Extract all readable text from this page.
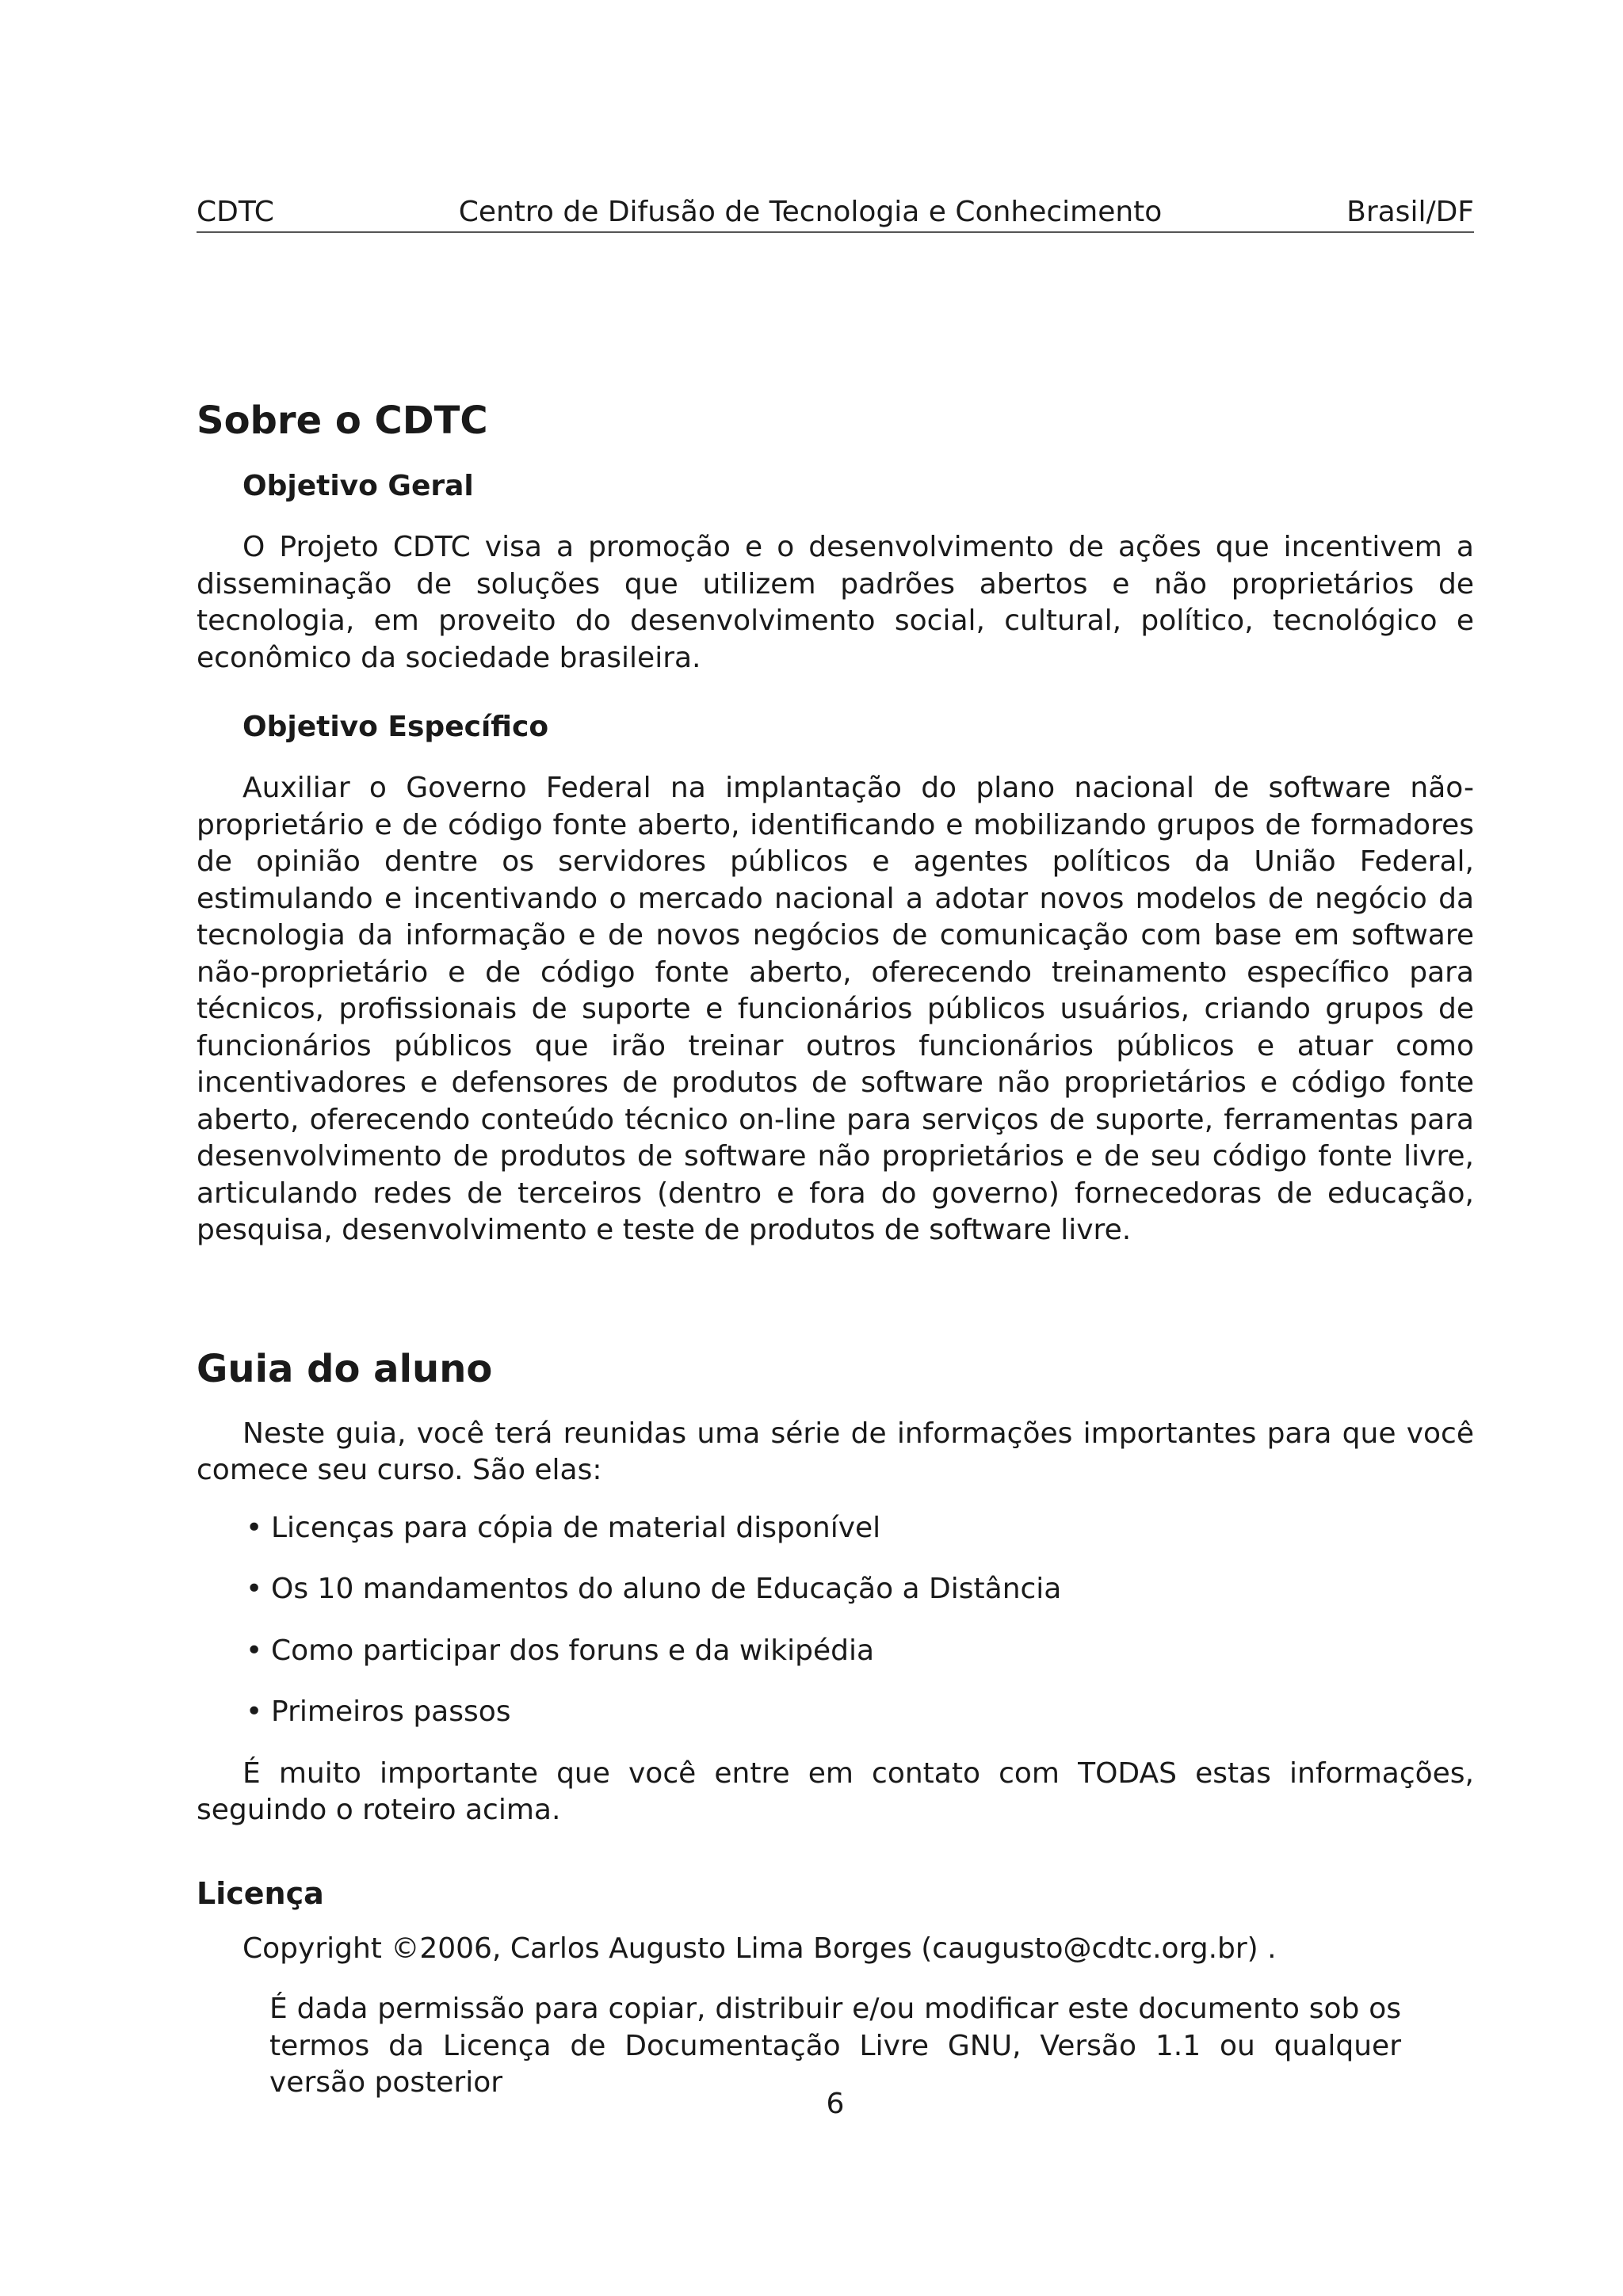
CDTC	Centro de Difusão de Tecnologia e Conhecimento	Brasil/DF
Sobre o CDTC
Objetivo Geral

O Projeto CDTC visa a promoção e o desenvolvimento de ações que incentivem a disseminação de soluções que utilizem padrões abertos e não proprietários de tecnologia, em proveito do desenvolvimento social, cultural, político, tecnológico e econômico da sociedade brasileira.

Objetivo Específico

Auxiliar o Governo Federal na implantação do plano nacional de software não-proprietário e de código fonte aberto, identificando e mobilizando grupos de formadores de opinião dentre os servidores públicos e agentes políticos da União Federal, estimulando e incentivando o mercado nacional a adotar novos modelos de negócio da tecnologia da informação e de novos negócios de comunicação com base em software não-proprietário e de código fonte aberto, oferecendo treinamento específico para técnicos, profissionais de suporte e funcionários públicos usuários, criando grupos de funcionários públicos que irão treinar outros funcionários públicos e atuar como incentivadores e defensores de produtos de software não proprietários e código fonte aberto, oferecendo conteúdo técnico on-line para serviços de suporte, ferramentas para desenvolvimento de produtos de software não proprietários e de seu código fonte livre, articulando redes de terceiros (dentro e fora do governo) fornecedoras de educação, pesquisa, desenvolvimento e teste de produtos de software livre.

Guia do aluno

Neste guia, você terá reunidas uma série de informações importantes para que você comece seu curso. São elas:

• Licenças para cópia de material disponível
• Os 10 mandamentos do aluno de Educação a Distância
• Como participar dos foruns e da wikipédia
• Primeiros passos

É muito importante que você entre em contato com TODAS estas informações, seguindo o roteiro acima.

Licença

Copyright ©2006, Carlos Augusto Lima Borges (caugusto@cdtc.org.br) .

É dada permissão para copiar, distribuir e/ou modificar este documento sob os termos da Licença de Documentação Livre GNU, Versão 1.1 ou qualquer versão posterior

6
